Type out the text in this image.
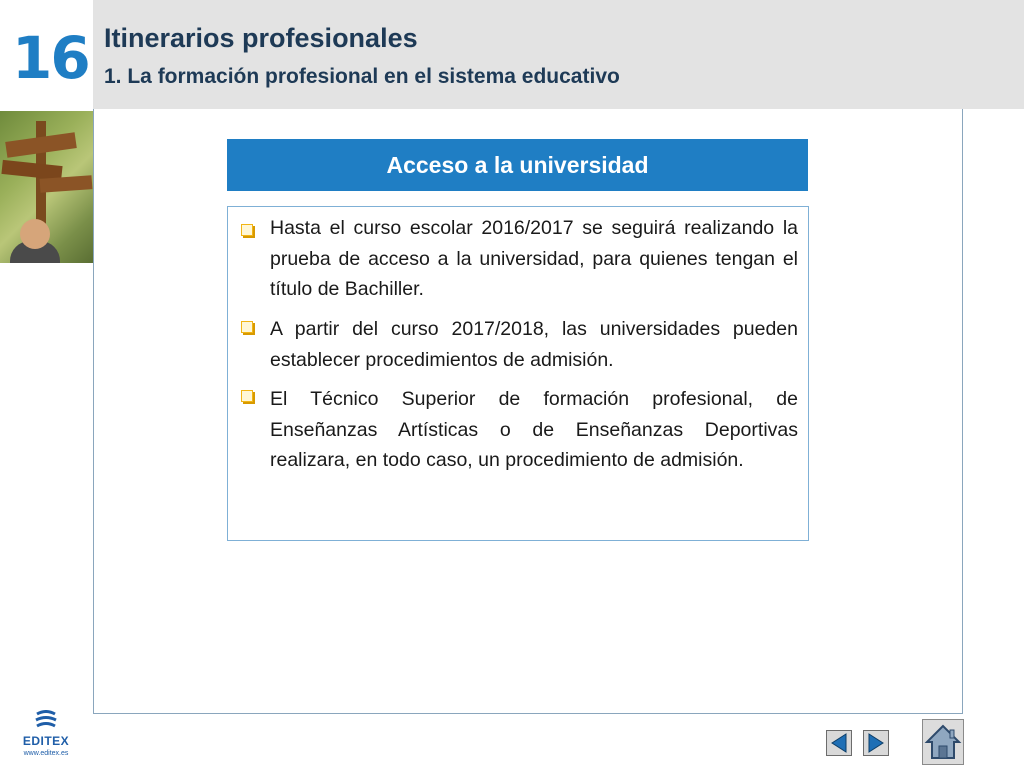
16 Itinerarios profesionales
1. La formación profesional en el sistema educativo
Acceso a la universidad
Hasta el curso escolar 2016/2017 se seguirá realizando la prueba de acceso a la universidad, para quienes tengan el título de Bachiller.
A partir del curso 2017/2018, las universidades pueden establecer procedimientos de admisión.
El Técnico Superior de formación profesional, de Enseñanzas Artísticas o de Enseñanzas Deportivas realizara, en todo caso, un procedimiento de admisión.
EDITEX
www.editex.es
